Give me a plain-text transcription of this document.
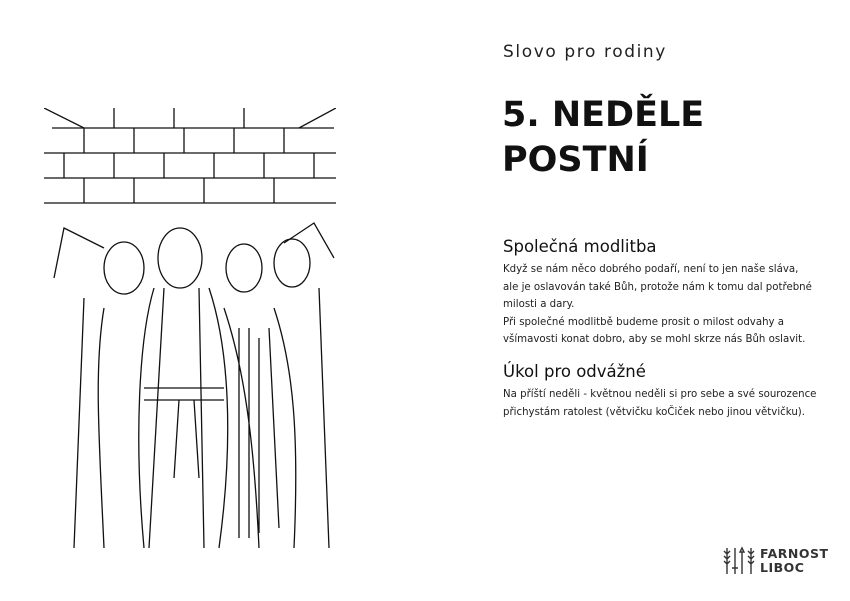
Slovo pro rodiny
5. NEDĚLE
POSTNÍ
Společná modlitba
Když se nám něco dobrého podaří, není to jen naše sláva,
ale je oslavován také Bůh, protože nám k tomu dal potřebné milosti a dary.
Při společné modlitbě budeme prosit o milost odvahy a všímavosti konat dobro, aby se mohl skrze nás Bůh oslavit.
Úkol pro odvážné
Na příští neděli - květnou neděli si pro sebe a své sourozence přichystám ratolest (větvičku koČiček nebo jinou větvičku).
FARNOST
LIBOC
